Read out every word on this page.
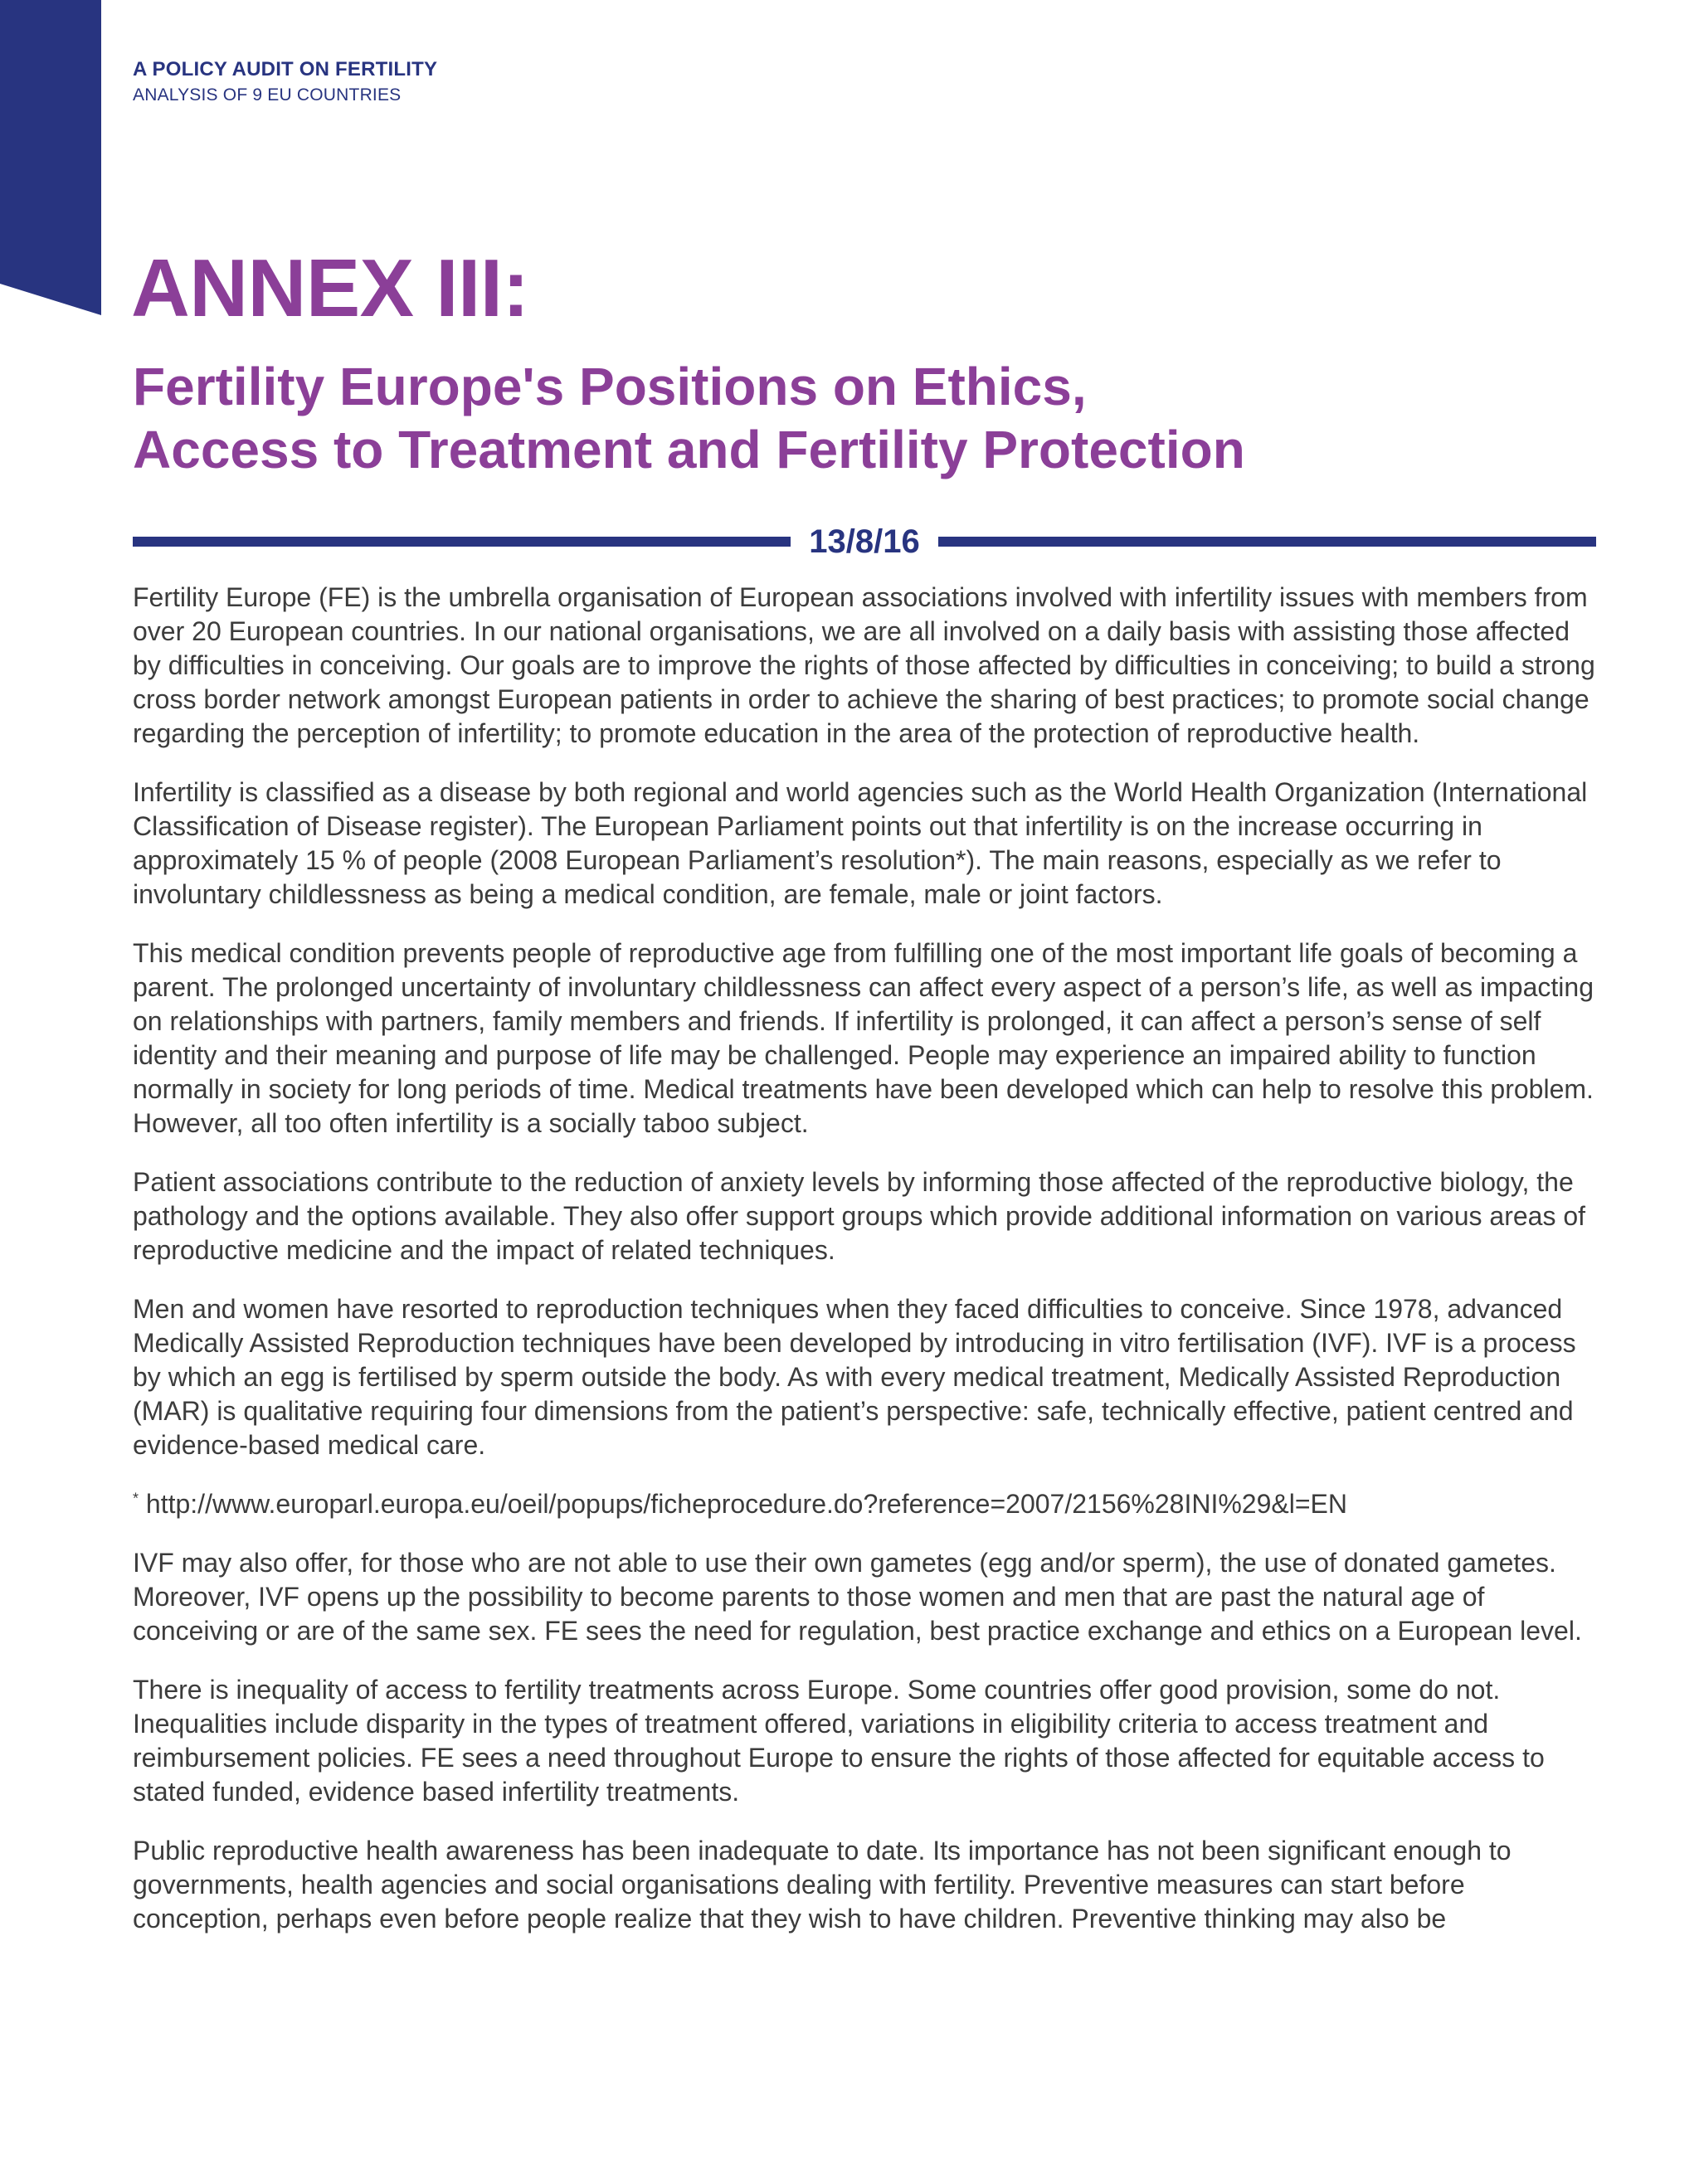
A POLICY AUDIT ON FERTILITY
ANALYSIS OF 9 EU COUNTRIES
ANNEX III:
Fertility Europe's Positions on Ethics,
Access to Treatment and Fertility Protection
13/8/16

Fertility Europe (FE) is the umbrella organisation of European associations involved with infertility issues with members from over 20 European countries. In our national organisations, we are all involved on a daily basis with assisting those affected by difficulties in conceiving. Our goals are to improve the rights of those affected by difficulties in conceiving; to build a strong cross border network amongst European patients in order to achieve the sharing of best practices; to promote social change regarding the perception of infertility; to promote education in the area of the protection of reproductive health.

Infertility is classified as a disease by both regional and world agencies such as the World Health Organization (International Classification of Disease register). The European Parliament points out that infertility is on the increase occurring in approximately 15 % of people (2008 European Parliament’s resolution*). The main reasons, especially as we refer to involuntary childlessness as being a medical condition, are female, male or joint factors.

This medical condition prevents people of reproductive age from fulfilling one of the most important life goals of becoming a parent. The prolonged uncertainty of involuntary childlessness can affect every aspect of a person’s life, as well as impacting on relationships with partners, family members and friends. If infertility is prolonged, it can affect a person’s sense of self identity and their meaning and purpose of life may be challenged. People may experience an impaired ability to function normally in society for long periods of time. Medical treatments have been developed which can help to resolve this problem. However, all too often infertility is a socially taboo subject.

Patient associations contribute to the reduction of anxiety levels by informing those affected of the reproductive biology, the pathology and the options available. They also offer support groups which provide additional information on various areas of reproductive medicine and the impact of related techniques.

Men and women have resorted to reproduction techniques when they faced difficulties to conceive. Since 1978, advanced Medically Assisted Reproduction techniques have been developed by introducing in vitro fertilisation (IVF). IVF is a process by which an egg is fertilised by sperm outside the body. As with every medical treatment, Medically Assisted Reproduction (MAR) is qualitative requiring four dimensions from the patient’s perspective: safe, technically effective, patient centred and evidence-based medical care.

* http://www.europarl.europa.eu/oeil/popups/ficheprocedure.do?reference=2007/2156%28INI%29&l=EN

IVF may also offer, for those who are not able to use their own gametes (egg and/or sperm), the use of donated gametes. Moreover, IVF opens up the possibility to become parents to those women and men that are past the natural age of conceiving or are of the same sex. FE sees the need for regulation, best practice exchange and ethics on a European level.

There is inequality of access to fertility treatments across Europe. Some countries offer good provision, some do not. Inequalities include disparity in the types of treatment offered, variations in eligibility criteria to access treatment and reimbursement policies. FE sees a need throughout Europe to ensure the rights of those affected for equitable access to stated funded, evidence based infertility treatments.

Public reproductive health awareness has been inadequate to date. Its importance has not been significant enough to governments, health agencies and social organisations dealing with fertility. Preventive measures can start before conception, perhaps even before people realize that they wish to have children. Preventive thinking may also be
